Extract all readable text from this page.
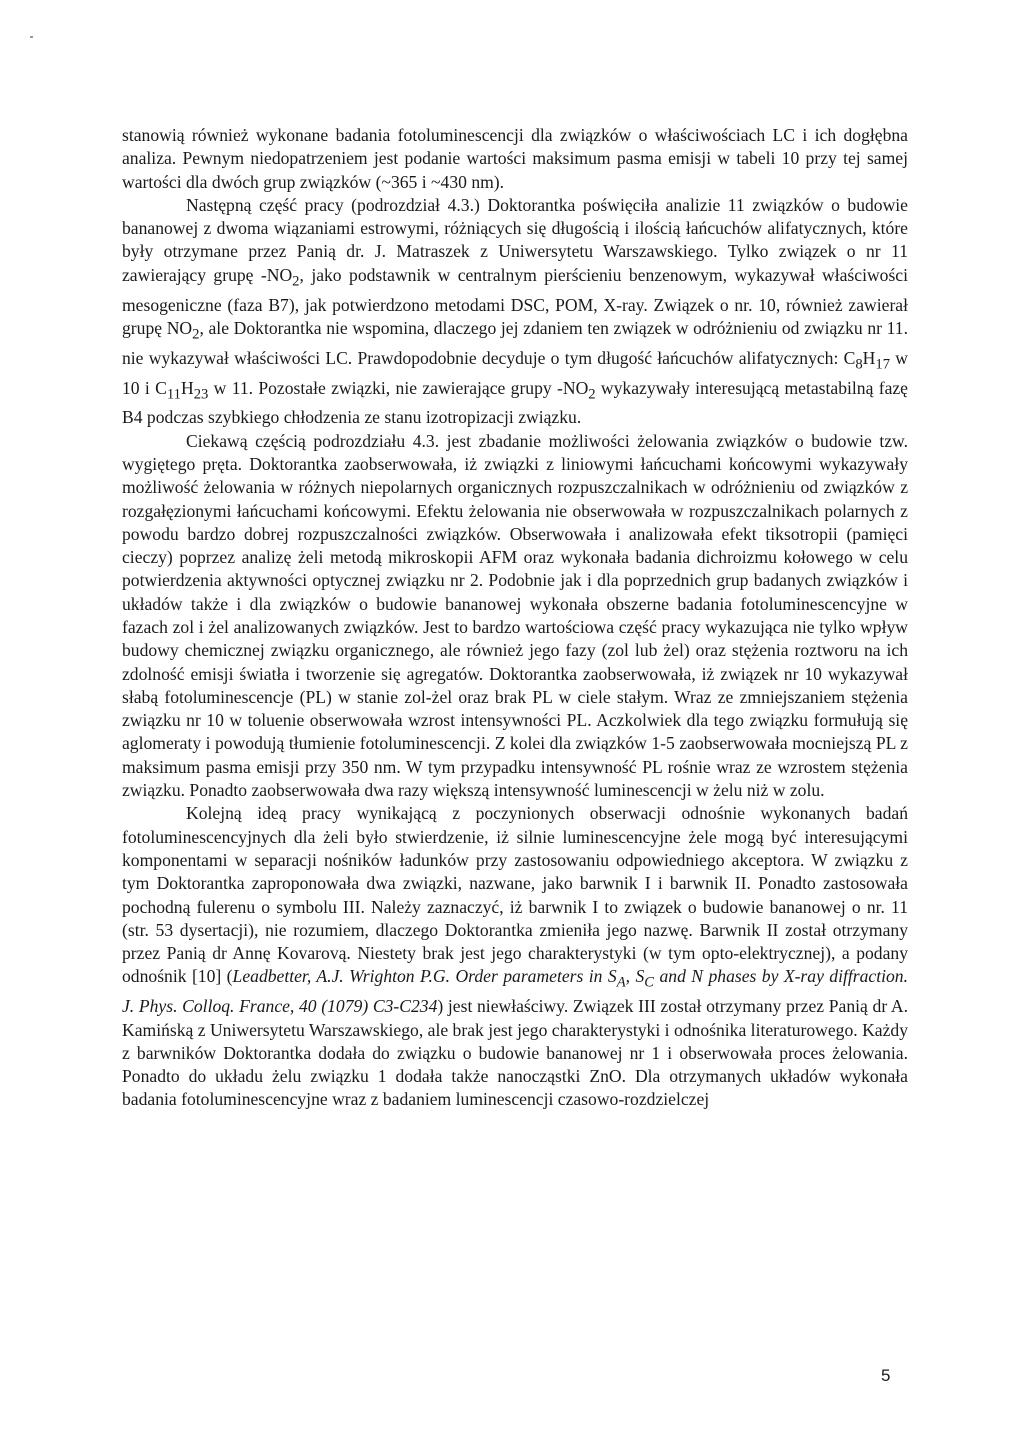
stanowią również wykonane badania fotoluminescencji dla związków o właściwościach LC i ich dogłębna analiza. Pewnym niedopatrzeniem jest podanie wartości maksimum pasma emisji w tabeli 10 przy tej samej wartości dla dwóch grup związków (~365 i ~430 nm).

Następną część pracy (podrozdział 4.3.) Doktorantka poświęciła analizie 11 związków o budowie bananowej z dwoma wiązaniami estrowymi, różniących się długością i ilością łańcuchów alifatycznych, które były otrzymane przez Panią dr. J. Matraszek z Uniwersytetu Warszawskiego. Tylko związek o nr 11 zawierający grupę $-NO_2$, jako podstawnik w centralnym pierścieniu benzenowym, wykazywał właściwości mesogeniczne (faza B7), jak potwierdzono metodami DSC, POM, X-ray. Związek o nr. 10, również zawierał grupę $NO_2$, ale Doktorantka nie wspomina, dlaczego jej zdaniem ten związek w odróżnieniu od związku nr 11. nie wykazywał właściwości LC. Prawdopodobnie decyduje o tym długość łańcuchów alifatycznych: $C_8H_{17}$ w 10 i $C_{11}H_{23}$ w 11. Pozostałe związki, nie zawierające grupy $-NO_2$ wykazywały interesującą metastabilną fazę B4 podczas szybkiego chłodzenia ze stanu izotropizacji związku.

Ciekawą częścią podrozdziału 4.3. jest zbadanie możliwości żelowania związków o budowie tzw. wygiętego pręta. Doktorantka zaobserwowała, iż związki z liniowymi łańcuchami końcowymi wykazywały możliwość żelowania w różnych niepolarnych organicznych rozpuszczalnikach w odróżnieniu od związków z rozgałęzionymi łańcuchami końcowymi. Efektu żelowania nie obserwowała w rozpuszczalnikach polarnych z powodu bardzo dobrej rozpuszczalności związków. Obserwowała i analizowała efekt tiksotropii (pamięci cieczy) poprzez analizę żeli metodą mikroskopii AFM oraz wykonała badania dichroizmu kołowego w celu potwierdzenia aktywności optycznej związku nr 2. Podobnie jak i dla poprzednich grup badanych związków i układów także i dla związków o budowie bananowej wykonała obszerne badania fotoluminescencyjne w fazach zol i żel analizowanych związków. Jest to bardzo wartościowa część pracy wykazująca nie tylko wpływ budowy chemicznej związku organicznego, ale również jego fazy (zol lub żel) oraz stężenia roztworu na ich zdolność emisji światła i tworzenie się agregatów. Doktorantka zaobserwowała, iż związek nr 10 wykazywał słabą fotoluminescencje (PL) w stanie zol-żel oraz brak PL w ciele stałym. Wraz ze zmniejszaniem stężenia związku nr 10 w toluenie obserwowała wzrost intensywności PL. Aczkolwiek dla tego związku formułują się aglomeraty i powodują tłumienie fotoluminescencji. Z kolei dla związków 1-5 zaobserwowała mocniejszą PL z maksimum pasma emisji przy 350 nm. W tym przypadku intensywność PL rośnie wraz ze wzrostem stężenia związku. Ponadto zaobserwowała dwa razy większą intensywność luminescencji w żelu niż w zolu.

Kolejną ideą pracy wynikającą z poczynionych obserwacji odnośnie wykonanych badań fotoluminescencyjnych dla żeli było stwierdzenie, iż silnie luminescencyjne żele mogą być interesującymi komponentami w separacji nośników ładunków przy zastosowaniu odpowiedniego akceptora. W związku z tym Doktorantka zaproponowała dwa związki, nazwane, jako barwnik I i barwnik II. Ponadto zastosowała pochodną fulerenu o symbolu III. Należy zaznaczyć, iż barwnik I to związek o budowie bananowej o nr. 11 (str. 53 dysertacji), nie rozumiem, dlaczego Doktorantka zmieniła jego nazwę. Barwnik II został otrzymany przez Panią dr Annę Kovarovą. Niestety brak jest jego charakterystyki (w tym opto-elektrycznej), a podany odnośnik [10] (Leadbetter, A.J. Wrighton P.G. Order parameters in $S_A$, $S_C$ and N phases by X-ray diffraction. J. Phys. Colloq. France, 40 (1079) C3-C234) jest niewłaściwy. Związek III został otrzymany przez Panią dr A. Kamińską z Uniwersytetu Warszawskiego, ale brak jest jego charakterystyki i odnośnika literaturowego. Każdy z barwników Doktorantka dodała do związku o budowie bananowej nr 1 i obserwowała proces żelowania. Ponadto do układu żelu związku 1 dodała także nanocząstki ZnO. Dla otrzymanych układów wykonała badania fotoluminescencyjne wraz z badaniem luminescencji czasowo-rozdzielczej

5
